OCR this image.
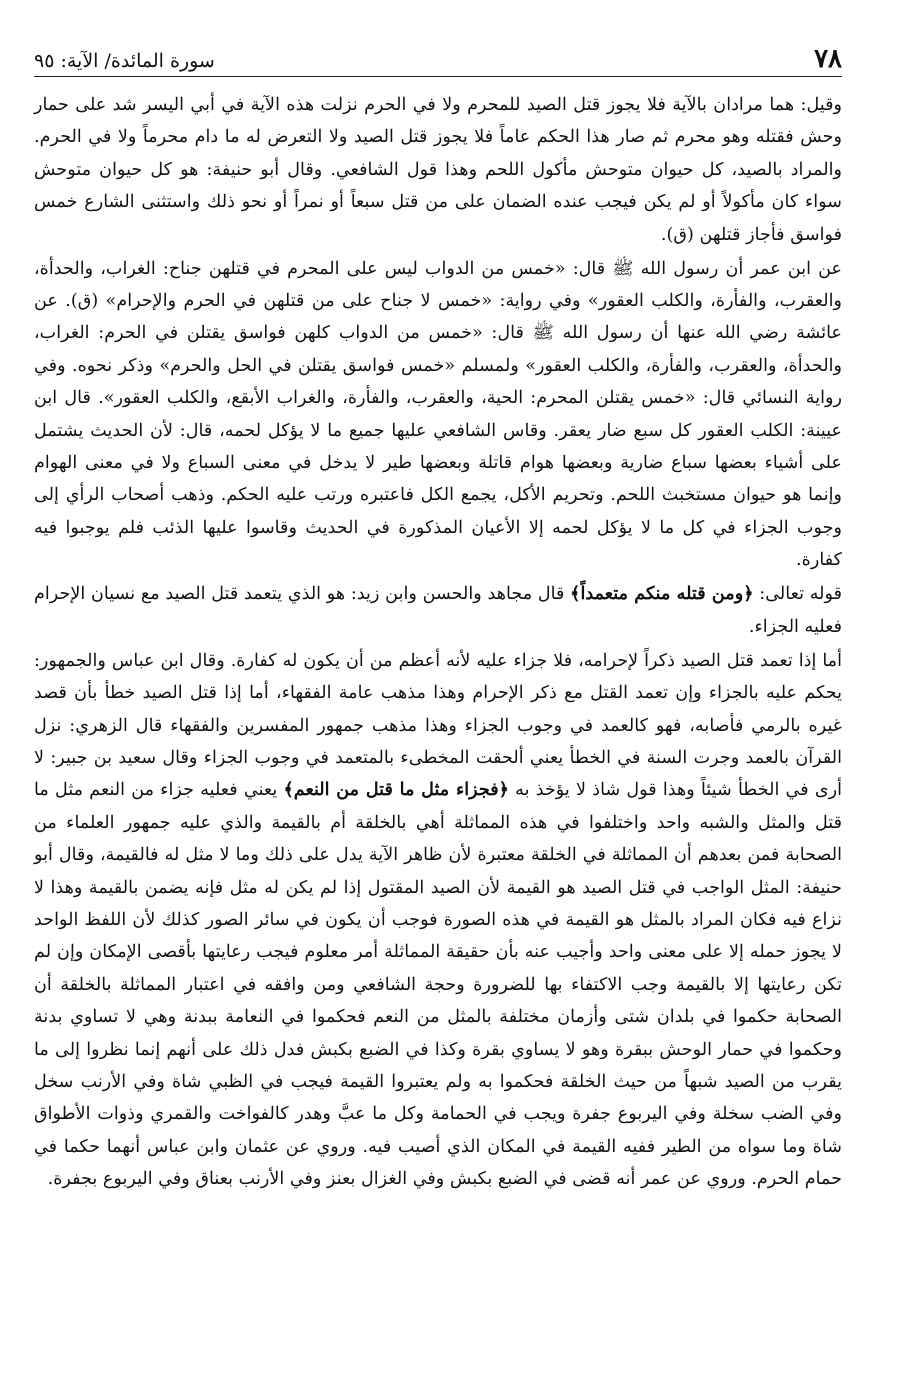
٧٨
سورة المائدة/ الآية: ٩٥

وقيل: هما مرادان بالآية فلا يجوز قتل الصيد للمحرم ولا في الحرم نزلت هذه الآية في أبي اليسر شد على حمار وحش فقتله وهو محرم ثم صار هذا الحكم عاماً فلا يجوز قتل الصيد ولا التعرض له ما دام محرماً ولا في الحرم. والمراد بالصيد، كل حيوان متوحش مأكول اللحم وهذا قول الشافعي. وقال أبو حنيفة: هو كل حيوان متوحش سواء كان مأكولاً أو لم يكن فيجب عنده الضمان على من قتل سبعاً أو نمراً أو نحو ذلك واستثنى الشارع خمس فواسق فأجاز قتلهن (ق).

عن ابن عمر أن رسول الله ﷺ قال: «خمس من الدواب ليس على المحرم في قتلهن جناح: الغراب، والحدأة، والعقرب، والفأرة، والكلب العقور» وفي رواية: «خمس لا جناح على من قتلهن في الحرم والإحرام» (ق). عن عائشة رضي الله عنها أن رسول الله ﷺ قال: «خمس من الدواب كلهن فواسق يقتلن في الحرم: الغراب، والحدأة، والعقرب، والفأرة، والكلب العقور» ولمسلم «خمس فواسق يقتلن في الحل والحرم» وذكر نحوه. وفي رواية النسائي قال: «خمس يقتلن المحرم: الحية، والعقرب، والفأرة، والغراب الأبقع، والكلب العقور». قال ابن عيينة: الكلب العقور كل سبع ضار يعقر. وقاس الشافعي عليها جميع ما لا يؤكل لحمه، قال: لأن الحديث يشتمل على أشياء بعضها سباع ضارية وبعضها هوام قاتلة وبعضها طير لا يدخل في معنى السباع ولا في معنى الهوام وإنما هو حيوان مستخبث اللحم. وتحريم الأكل، يجمع الكل فاعتبره ورتب عليه الحكم. وذهب أصحاب الرأي إلى وجوب الجزاء في كل ما لا يؤكل لحمه إلا الأعيان المذكورة في الحديث وقاسوا عليها الذئب فلم يوجبوا فيه كفارة.

قوله تعالى: ﴿ومن قتله منكم متعمداً﴾ قال مجاهد والحسن وابن زيد: هو الذي يتعمد قتل الصيد مع نسيان الإحرام فعليه الجزاء.

أما إذا تعمد قتل الصيد ذكراً لإحرامه، فلا جزاء عليه لأنه أعظم من أن يكون له كفارة. وقال ابن عباس والجمهور: يحكم عليه بالجزاء وإن تعمد القتل مع ذكر الإحرام وهذا مذهب عامة الفقهاء، أما إذا قتل الصيد خطأ بأن قصد غيره بالرمي فأصابه، فهو كالعمد في وجوب الجزاء وهذا مذهب جمهور المفسرين والفقهاء قال الزهري: نزل القرآن بالعمد وجرت السنة في الخطأ يعني ألحقت المخطىء بالمتعمد في وجوب الجزاء وقال سعيد بن جبير: لا أرى في الخطأ شيئاً وهذا قول شاذ لا يؤخذ به ﴿فجزاء مثل ما قتل من النعم﴾ يعني فعليه جزاء من النعم مثل ما قتل والمثل والشبه واحد واختلفوا في هذه المماثلة أهي بالخلقة أم بالقيمة والذي عليه جمهور العلماء من الصحابة فمن بعدهم أن المماثلة في الخلقة معتبرة لأن ظاهر الآية يدل على ذلك وما لا مثل له فالقيمة، وقال أبو حنيفة: المثل الواجب في قتل الصيد هو القيمة لأن الصيد المقتول إذا لم يكن له مثل فإنه يضمن بالقيمة وهذا لا نزاع فيه فكان المراد بالمثل هو القيمة في هذه الصورة فوجب أن يكون في سائر الصور كذلك لأن اللفظ الواحد لا يجوز حمله إلا على معنى واحد وأجيب عنه بأن حقيقة المماثلة أمر معلوم فيجب رعايتها بأقصى الإمكان وإن لم تكن رعايتها إلا بالقيمة وجب الاكتفاء بها للضرورة وحجة الشافعي ومن وافقه في اعتبار المماثلة بالخلقة أن الصحابة حكموا في بلدان شتى وأزمان مختلفة بالمثل من النعم فحكموا في النعامة ببدنة وهي لا تساوي بدنة وحكموا في حمار الوحش ببقرة وهو لا يساوي بقرة وكذا في الضبع بكبش فدل ذلك على أنهم إنما نظروا إلى ما يقرب من الصيد شبهاً من حيث الخلقة فحكموا به ولم يعتبروا القيمة فيجب في الظبي شاة وفي الأرنب سخل وفي الضب سخلة وفي اليربوع جفرة ويجب في الحمامة وكل ما عبَّ وهدر كالفواخت والقمري وذوات الأطواق شاة وما سواه من الطير ففيه القيمة في المكان الذي أصيب فيه. وروي عن عثمان وابن عباس أنهما حكما في حمام الحرم. وروي عن عمر أنه قضى في الضبع بكبش وفي الغزال بعنز وفي الأرنب بعناق وفي اليربوع بجفرة.
